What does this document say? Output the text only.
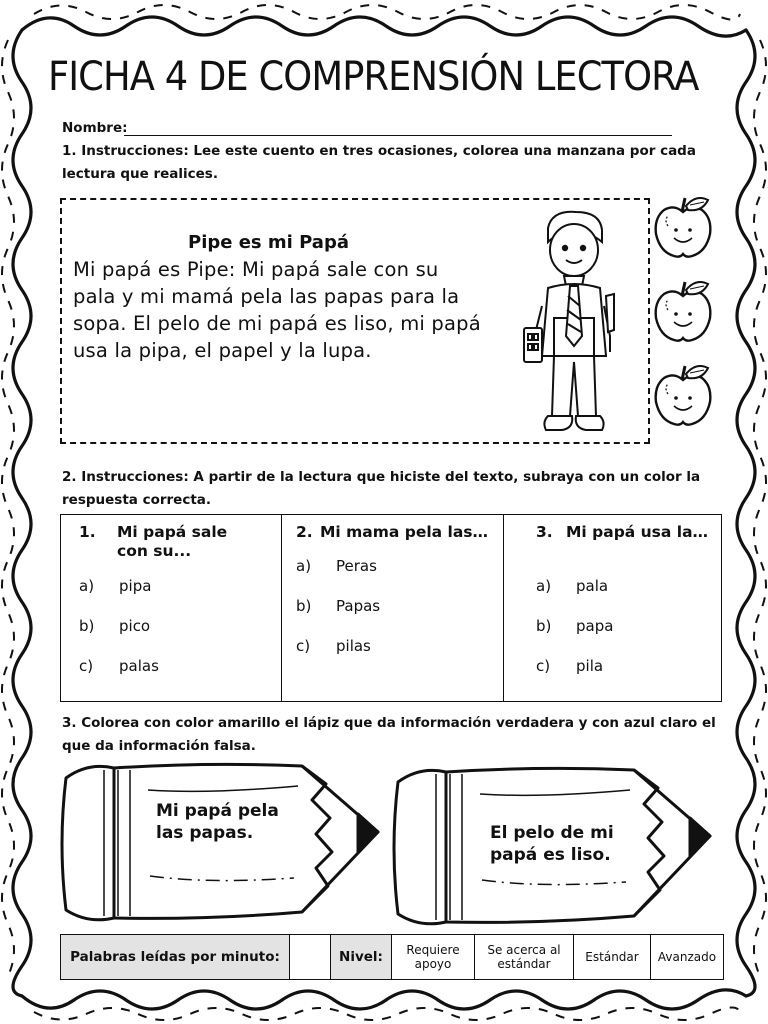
FICHA 4 DE COMPRENSIÓN LECTORA
Nombre:
1. Instrucciones: Lee este cuento en tres ocasiones, colorea una manzana por cada lectura que realices.
Pipe es mi Papá
Mi papá es Pipe: Mi papá sale con su pala y mi mamá pela las papas para la sopa. El pelo de mi papá es liso, mi papá usa la pipa, el papel y la lupa.
2. Instrucciones: A partir de la lectura que hiciste del texto, subraya con un color la respuesta correcta.
1.	Mi papá sale con su...
a)	pipa
b)	pico
c)	palas

2. Mi mama pela las…
a)	Peras
b)	Papas
c)	pilas

3. Mi papá usa la…
a)	pala
b)	papa
c)	pila
3. Colorea con color amarillo el lápiz que da información verdadera y con azul claro el que da información falsa.
Mi papá pela
las papas.	El pelo de mi
papá es liso.
Palabras leídas por minuto:		Nivel:	Requiere apoyo	Se acerca al estándar	Estándar	Avanzado
